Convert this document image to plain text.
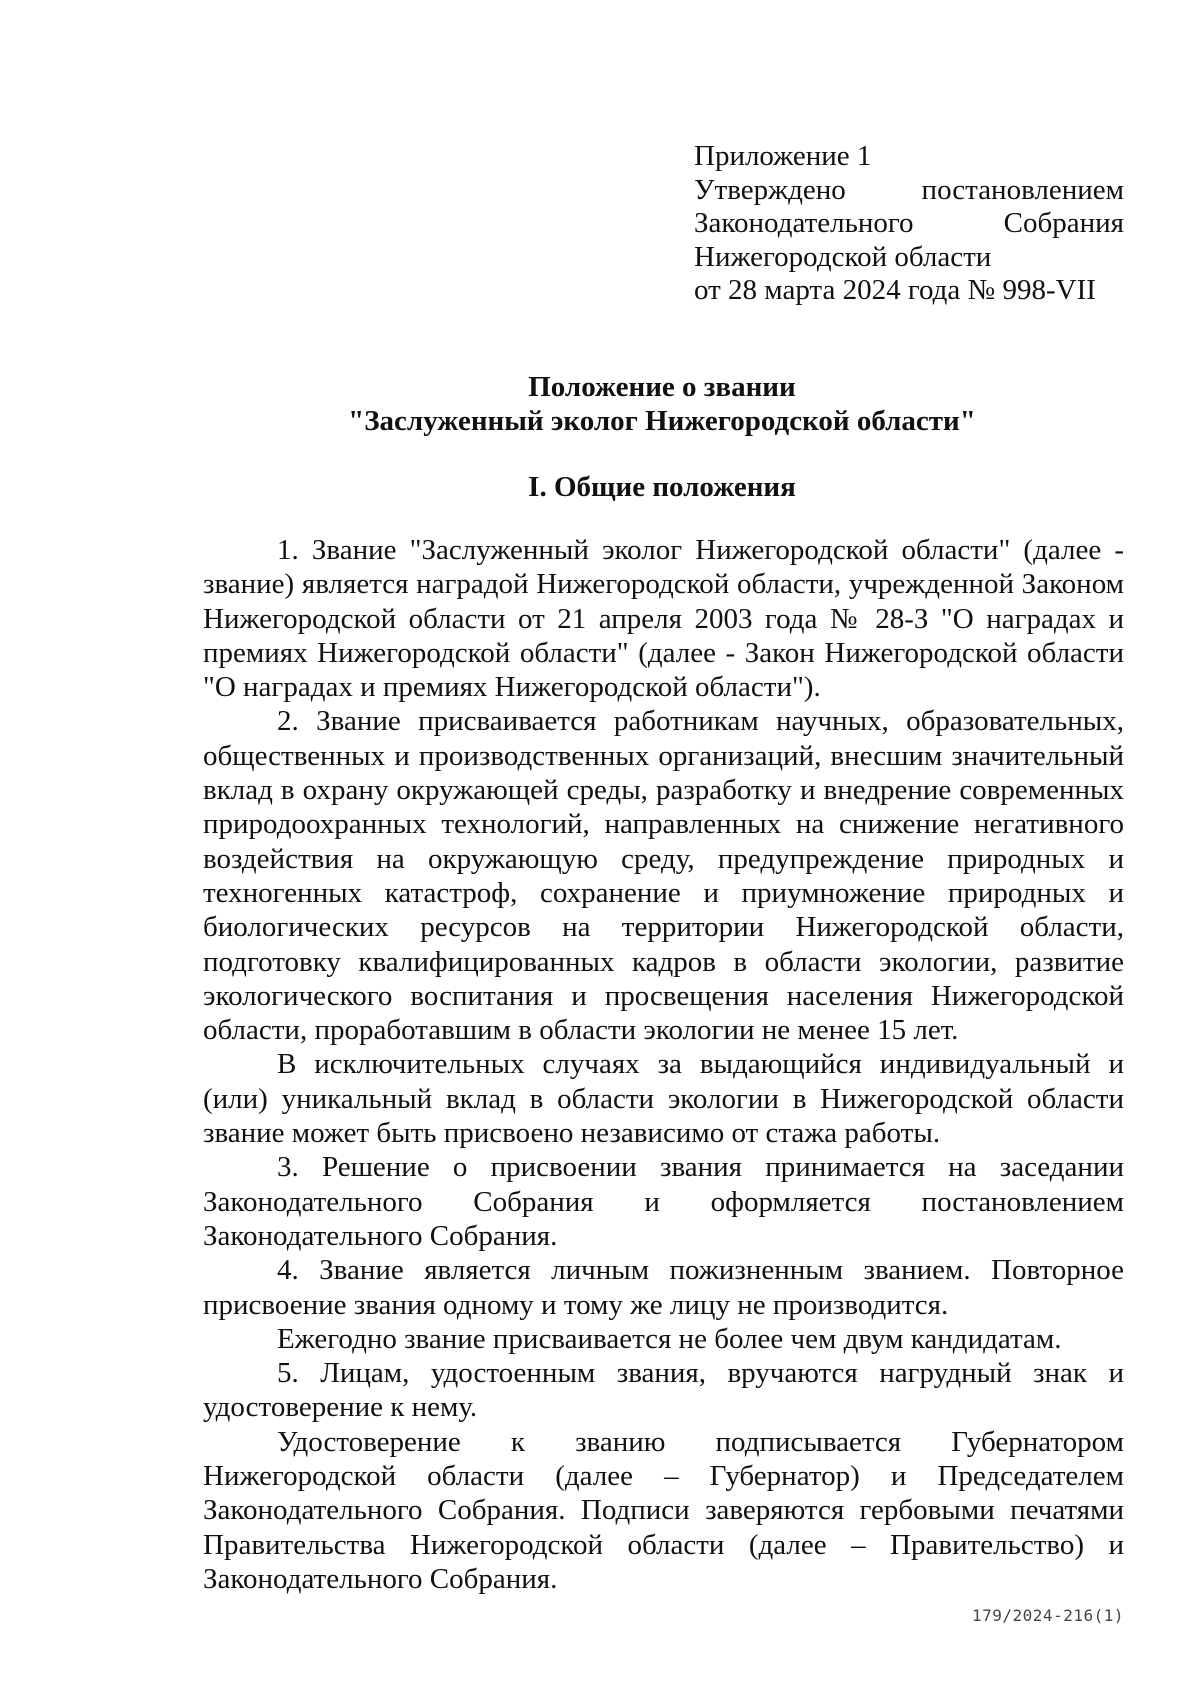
Приложение 1
Утверждено постановлением
Законодательного Собрания
Нижегородской области
от 28 марта 2024 года № 998-VII
Положение о звании
"Заслуженный эколог Нижегородской области"
I. Общие положения

1. Звание "Заслуженный эколог Нижегородской области" (далее - звание) является наградой Нижегородской области, учрежденной Законом Нижегородской области от 21 апреля 2003 года № 28-З "О наградах и премиях Нижегородской области" (далее - Закон Нижегородской области "О наградах и премиях Нижегородской области").

2. Звание присваивается работникам научных, образовательных, общественных и производственных организаций, внесшим значительный вклад в охрану окружающей среды, разработку и внедрение современных природоохранных технологий, направленных на снижение негативного воздействия на окружающую среду, предупреждение природных и техногенных катастроф, сохранение и приумножение природных и биологических ресурсов на территории Нижегородской области, подготовку квалифицированных кадров в области экологии, развитие экологического воспитания и просвещения населения Нижегородской области, проработавшим в области экологии не менее 15 лет.

В исключительных случаях за выдающийся индивидуальный и (или) уникальный вклад в области экологии в Нижегородской области звание может быть присвоено независимо от стажа работы.

3. Решение о присвоении звания принимается на заседании Законодательного Собрания и оформляется постановлением Законодательного Собрания.

4. Звание является личным пожизненным званием. Повторное присвоение звания одному и тому же лицу не производится.

Ежегодно звание присваивается не более чем двум кандидатам.

5. Лицам, удостоенным звания, вручаются нагрудный знак и удостоверение к нему.

Удостоверение к званию подписывается Губернатором Нижегородской области (далее – Губернатор) и Председателем Законодательного Собрания. Подписи заверяются гербовыми печатями Правительства Нижегородской области (далее – Правительство) и Законодательного Собрания.

179/2024-216(1)
